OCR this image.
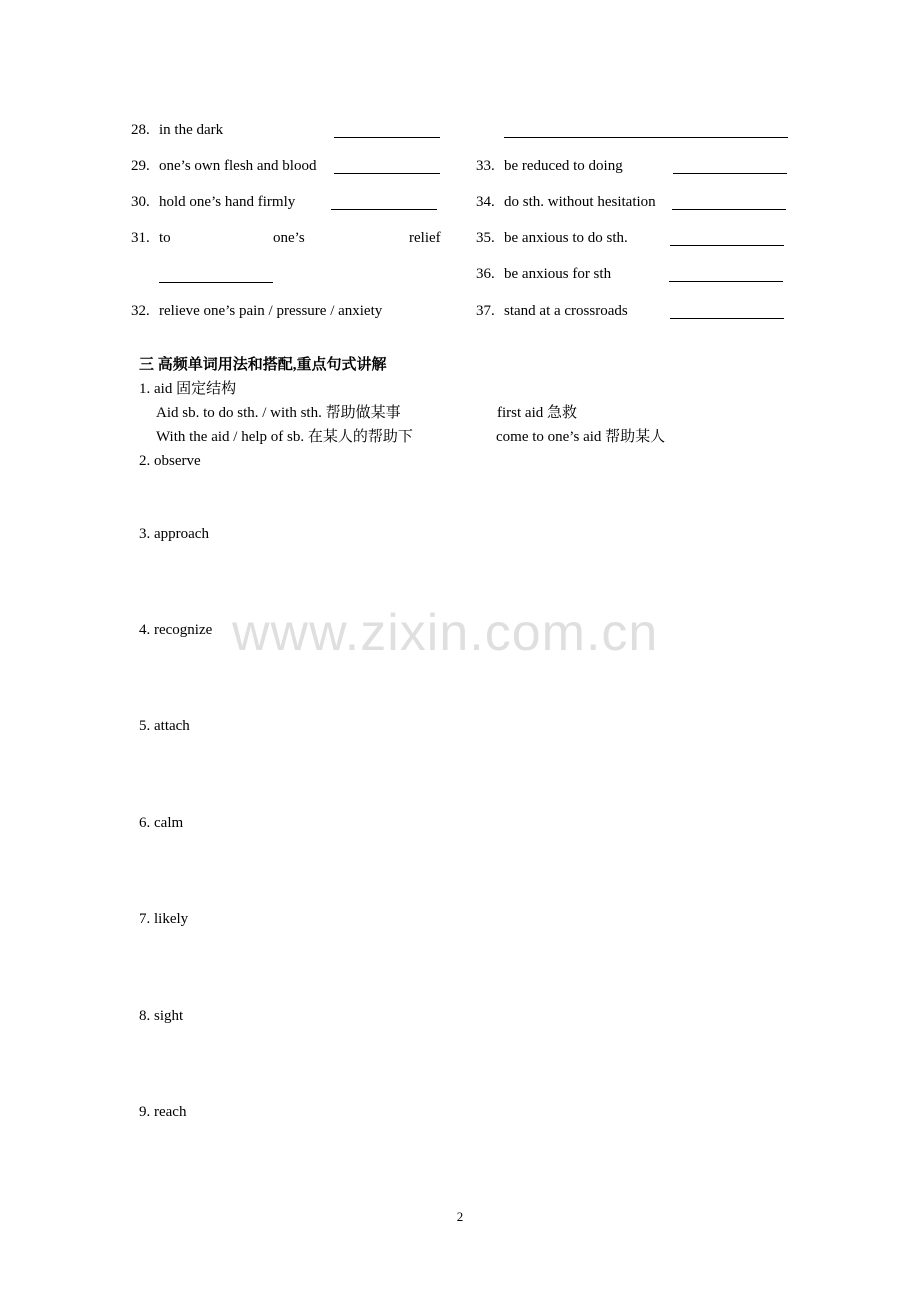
28. in the dark
29. one’s own flesh and blood
30. hold one’s hand firmly
31. to	one’s	relief
32. relieve one’s pain / pressure / anxiety
33. be reduced to doing
34. do sth. without hesitation
35. be anxious to do sth.
36. be anxious for sth
37. stand at a crossroads
三 高频单词用法和搭配,重点句式讲解
1. aid 固定结构
Aid sb. to do sth. / with sth. 帮助做某事	first aid 急救
With the aid / help of sb. 在某人的帮助下	come to one’s aid 帮助某人
2. observe
3. approach
4. recognize
5. attach
6. calm
7. likely
8. sight
9. reach
www.zixin.com.cn
2
